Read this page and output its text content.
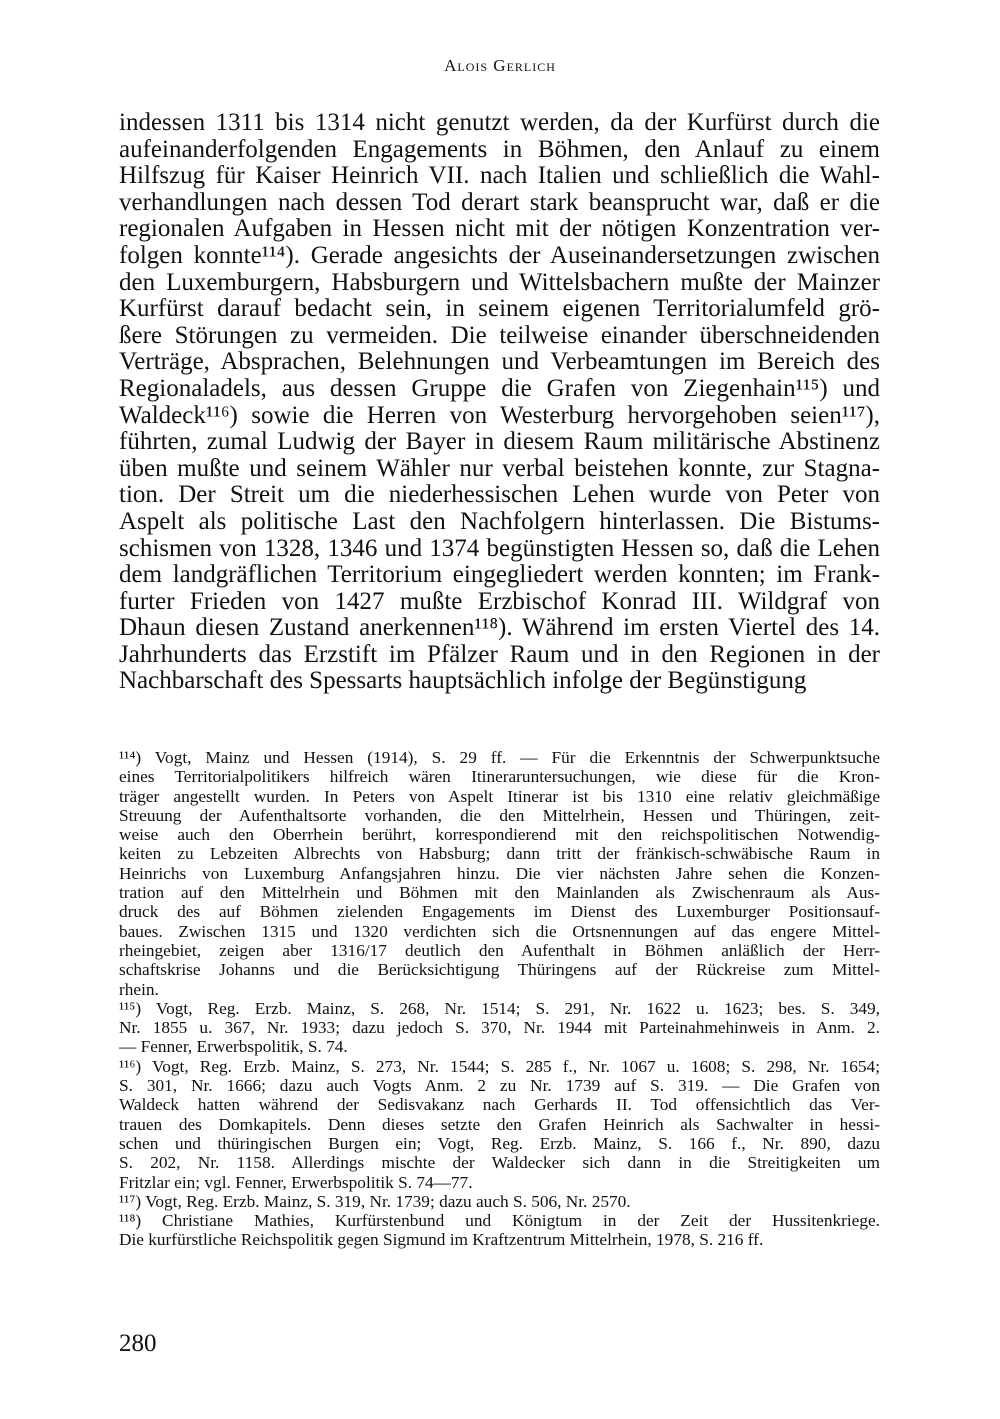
Alois Gerlich
indessen 1311 bis 1314 nicht genutzt werden, da der Kurfürst durch die
aufeinanderfolgenden Engagements in Böhmen, den Anlauf zu einem
Hilfszug für Kaiser Heinrich VII. nach Italien und schließlich die Wahl-
verhandlungen nach dessen Tod derart stark beansprucht war, daß er die
regionalen Aufgaben in Hessen nicht mit der nötigen Konzentration ver-
folgen konnte¹¹⁴). Gerade angesichts der Auseinandersetzungen zwischen
den Luxemburgern, Habsburgern und Wittelsbachern mußte der Mainzer
Kurfürst darauf bedacht sein, in seinem eigenen Territorialumfeld grö-
ßere Störungen zu vermeiden. Die teilweise einander überschneidenden
Verträge, Absprachen, Belehnungen und Verbeamtungen im Bereich des
Regionaladels, aus dessen Gruppe die Grafen von Ziegenhain¹¹⁵) und
Waldeck¹¹⁶) sowie die Herren von Westerburg hervorgehoben seien¹¹⁷),
führten, zumal Ludwig der Bayer in diesem Raum militärische Abstinenz
üben mußte und seinem Wähler nur verbal beistehen konnte, zur Stagna-
tion. Der Streit um die niederhessischen Lehen wurde von Peter von
Aspelt als politische Last den Nachfolgern hinterlassen. Die Bistums-
schismen von 1328, 1346 und 1374 begünstigten Hessen so, daß die Lehen
dem landgräflichen Territorium eingegliedert werden konnten; im Frank-
furter Frieden von 1427 mußte Erzbischof Konrad III. Wildgraf von
Dhaun diesen Zustand anerkennen¹¹⁸). Während im ersten Viertel des 14.
Jahrhunderts das Erzstift im Pfälzer Raum und in den Regionen in der
Nachbarschaft des Spessarts hauptsächlich infolge der Begünstigung
¹¹⁴) Vogt, Mainz und Hessen (1914), S. 29 ff. — Für die Erkenntnis der Schwerpunktsuche
eines Territorialpolitikers hilfreich wären Itineraruntersuchungen, wie diese für die Kron-
träger angestellt wurden. In Peters von Aspelt Itinerar ist bis 1310 eine relativ gleichmäßige
Streuung der Aufenthaltsorte vorhanden, die den Mittelrhein, Hessen und Thüringen, zeit-
weise auch den Oberrhein berührt, korrespondierend mit den reichspolitischen Notwendig-
keiten zu Lebzeiten Albrechts von Habsburg; dann tritt der fränkisch-schwäbische Raum in
Heinrichs von Luxemburg Anfangsjahren hinzu. Die vier nächsten Jahre sehen die Konzen-
tration auf den Mittelrhein und Böhmen mit den Mainlanden als Zwischenraum als Aus-
druck des auf Böhmen zielenden Engagements im Dienst des Luxemburger Positionsauf-
baues. Zwischen 1315 und 1320 verdichten sich die Ortsnennungen auf das engere Mittel-
rheingebiet, zeigen aber 1316/17 deutlich den Aufenthalt in Böhmen anläßlich der Herr-
schaftskrise Johanns und die Berücksichtigung Thüringens auf der Rückreise zum Mittel-
rhein.
¹¹⁵) Vogt, Reg. Erzb. Mainz, S. 268, Nr. 1514; S. 291, Nr. 1622 u. 1623; bes. S. 349,
Nr. 1855 u. 367, Nr. 1933; dazu jedoch S. 370, Nr. 1944 mit Parteinahmehinweis in Anm. 2.
— Fenner, Erwerbspolitik, S. 74.
¹¹⁶) Vogt, Reg. Erzb. Mainz, S. 273, Nr. 1544; S. 285 f., Nr. 1067 u. 1608; S. 298, Nr. 1654;
S. 301, Nr. 1666; dazu auch Vogts Anm. 2 zu Nr. 1739 auf S. 319. — Die Grafen von
Waldeck hatten während der Sedisvakanz nach Gerhards II. Tod offensichtlich das Ver-
trauen des Domkapitels. Denn dieses setzte den Grafen Heinrich als Sachwalter in hessi-
schen und thüringischen Burgen ein; Vogt, Reg. Erzb. Mainz, S. 166 f., Nr. 890, dazu
S. 202, Nr. 1158. Allerdings mischte der Waldecker sich dann in die Streitigkeiten um
Fritzlar ein; vgl. Fenner, Erwerbspolitik S. 74—77.
¹¹⁷) Vogt, Reg. Erzb. Mainz, S. 319, Nr. 1739; dazu auch S. 506, Nr. 2570.
¹¹⁸) Christiane Mathies, Kurfürstenbund und Königtum in der Zeit der Hussitenkriege.
Die kurfürstliche Reichspolitik gegen Sigmund im Kraftzentrum Mittelrhein, 1978, S. 216 ff.
280
